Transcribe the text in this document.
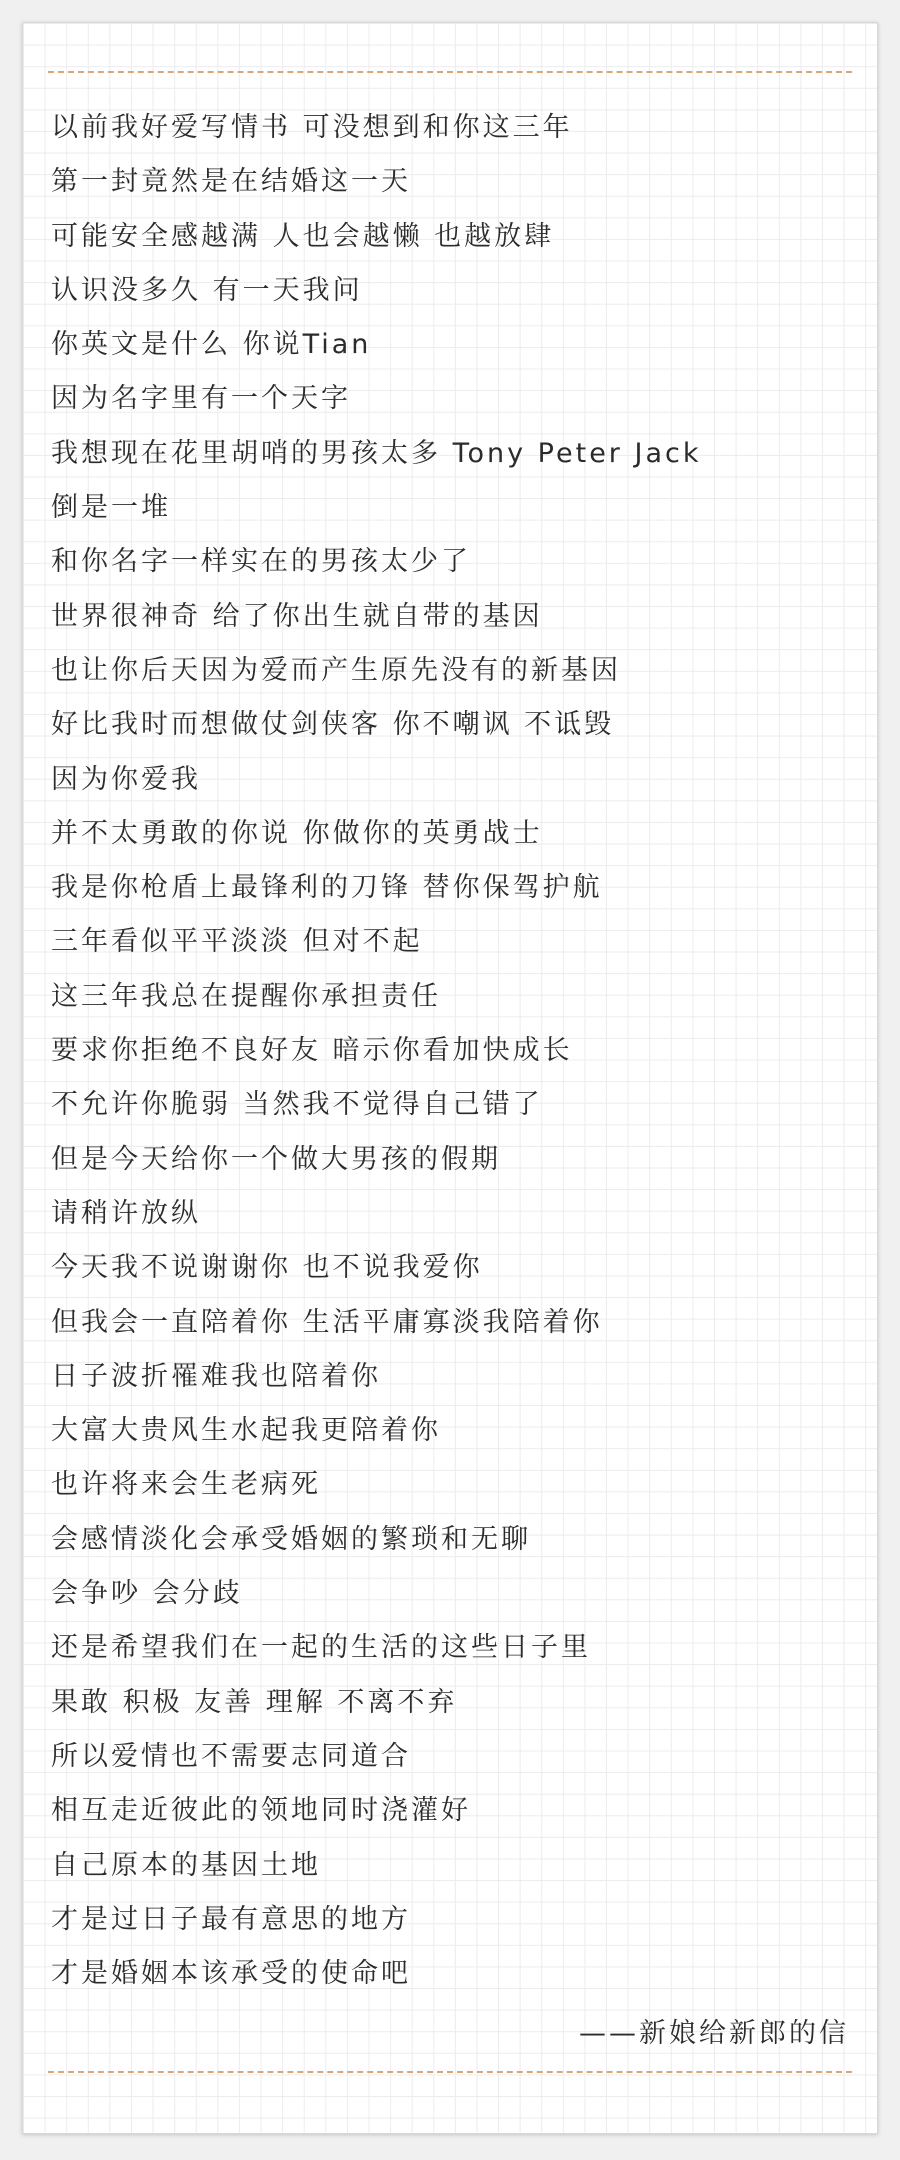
以前我好爱写情书 可没想到和你这三年
第一封竟然是在结婚这一天
可能安全感越满 人也会越懒 也越放肆
认识没多久 有一天我问
你英文是什么 你说Tian
因为名字里有一个天字
我想现在花里胡哨的男孩太多 Tony Peter Jack
倒是一堆
和你名字一样实在的男孩太少了
世界很神奇 给了你出生就自带的基因
也让你后天因为爱而产生原先没有的新基因
好比我时而想做仗剑侠客 你不嘲讽 不诋毁
因为你爱我
并不太勇敢的你说 你做你的英勇战士
我是你枪盾上最锋利的刀锋 替你保驾护航
三年看似平平淡淡 但对不起
这三年我总在提醒你承担责任
要求你拒绝不良好友 暗示你看加快成长
不允许你脆弱 当然我不觉得自己错了
但是今天给你一个做大男孩的假期
请稍许放纵
今天我不说谢谢你 也不说我爱你
但我会一直陪着你 生活平庸寡淡我陪着你
日子波折罹难我也陪着你
大富大贵风生水起我更陪着你
也许将来会生老病死
会感情淡化会承受婚姻的繁琐和无聊
会争吵 会分歧
还是希望我们在一起的生活的这些日子里
果敢 积极 友善 理解 不离不弃
所以爱情也不需要志同道合
相互走近彼此的领地同时浇灌好
自己原本的基因土地
才是过日子最有意思的地方
才是婚姻本该承受的使命吧
——新娘给新郎的信
